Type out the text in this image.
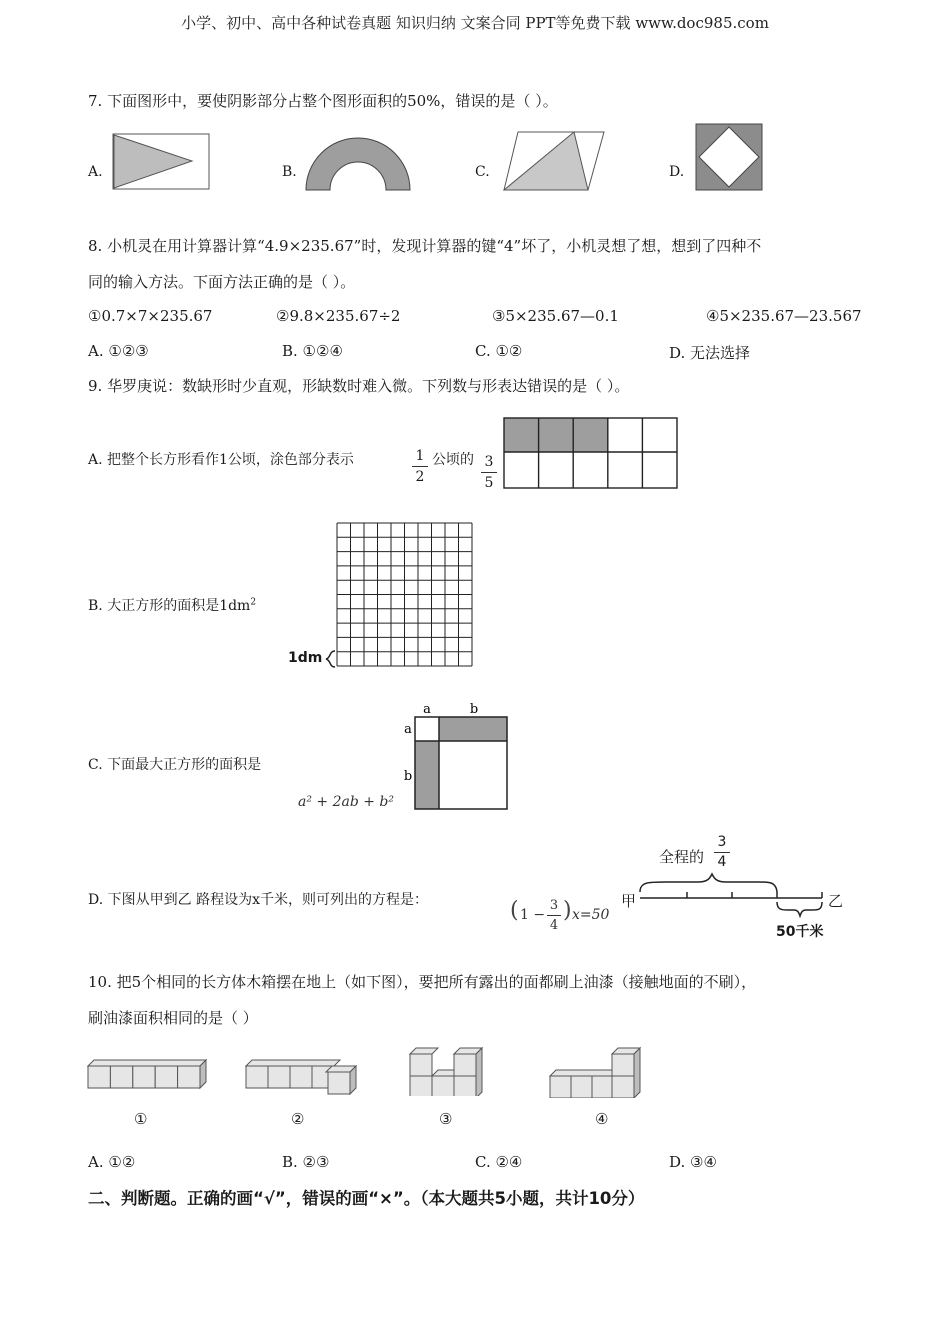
小学、初中、高中各种试卷真题 知识归纳 文案合同 PPT等免费下载 www.doc985.com
7. 下面图形中，要使阴影部分占整个图形面积的50%，错误的是（ ）。
A.	B.	C.	D.
8. 小机灵在用计算器计算“4.9×235.67”时，发现计算器的键“4”坏了，小机灵想了想，想到了四种不
同的输入方法。下面方法正确的是（ ）。
①0.7×7×235.67	②9.8×235.67÷2	③5×235.67—0.1	④5×235.67—23.567
A. ①②③	B. ①②④	C. ①②	D. 无法选择
9. 华罗庚说：数缺形时少直观，形缺数时难入微。下列数与形表达错误的是（ ）。
A. 把整个长方形看作1公顷，涂色部分表示	$\frac{1}{2}$ 公顷的 $\frac{3}{5}$
B. 大正方形的面积是$1dm^2$
1dm
C. 下面最大正方形的面积是
a² + 2ab + b²
a	b
a
b
D. 下图从甲到乙 路程设为x千米，则可列出的方程是：	( $1 - \frac{3}{4}$ ) x=50
全程的 $\frac{3}{4}$
甲	乙
50千米
10. 把5个相同的长方体木箱摆在地上（如下图），要把所有露出的面都刷上油漆（接触地面的不刷），
刷油漆面积相同的是（ ）
①	②	③	④
A. ①②	B. ②③	C. ②④	D. ③④
二、判断题。正确的画“√”，错误的画“×”。（本大题共5小题，共计10分）
